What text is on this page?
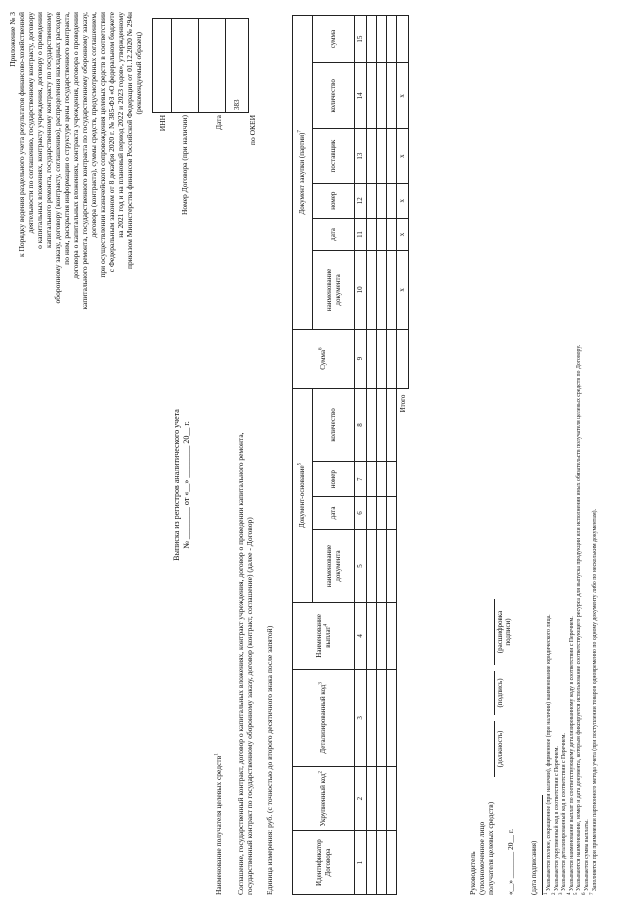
Приложение № 3 к Порядку ведения раздельного учета результатов финансово-хозяйственной деятельности по соглашению, государственному контракту, договору о капитальных вложениях, контракту учреждения, договору о проведении капитального ремонта, государственному контракту по государственному оборонному заказу, договору (контракту, соглашению), распределения накладных расходов по ним, раскрытия информации о структуре цены государственного контракта, договора о капитальных вложениях, контракта учреждения, договора о проведении капитального ремонта, государственного контракта по государственному оборонному заказу, договора (контракта), суммы средств, предусмотренных соглашением, при осуществлении казначейского сопровождения целевых средств в соответствии с Федеральным законом от 8 декабря 2020 г. № 385-ФЗ «О федеральном бюджете на 2021 год и на плановый период 2022 и 2023 годов», утвержденному приказом Министерства финансов Российской Федерации от 01.12.2020 № 294н (рекомендуемый образец)
ИНН Номер Договора (при наличии)	Дата	по ОКЕИ

383
Выписка из регистров аналитического учета № ________ от «__» ________ 20__ г.
Наименование получателя целевых средств$^1$	Соглашение, государственный контракт, договор о капитальных вложениях, контракт учреждения, договор о проведении капитального ремонта, государственный контракт по государственному оборонному заказу, договор (контракт, соглашение) (далее - Договор) Единица измерения: руб. (с точностью до второго десятичного знака после запятой)	Идентификатор Договора	Укрупненный код$^2$	Детализированный код$^3$	Наименование выплат$^4$	Документ-основание$^5$				Сумма$^6$	Документ закупки (партии)$^7$
				наименование документа	дата	номер	количество		наименование документа	дата	номер	поставщик	количество	сумма
1	2	3	4	5	6	7	8	9	10	11	12	13	14	15

Итого									x	x	x	x	x	
Руководитель (уполномоченное лицо получателя целевых средств)
(должность)
(подпись)
(расшифровка подписи)
«__» _______ 20__ г. (дата подписания) 1 Указывается полное, сокращенное (при наличии), фирменное (при наличии) наименование юридического лица.
2 Указывается укрупненный код в соответствии с Перечнем.
3 Указывается детализированный код в соответствии с Перечнем.
4 Указывается наименование выплат по соответствующему детализированному коду в соответствии с Перечнем.
5 Указываются наименование, номер и дата документа, которым фиксируется использование соответствующего ресурса для выпуска продукции или исполнения иных обязательств получателя целевых средств по Договору.
6 Указывается сумма выплаты.
7 Заполняется при применении партионного метода учета (при поступлении товаров одновременно по одному документу либо по нескольким документам).
